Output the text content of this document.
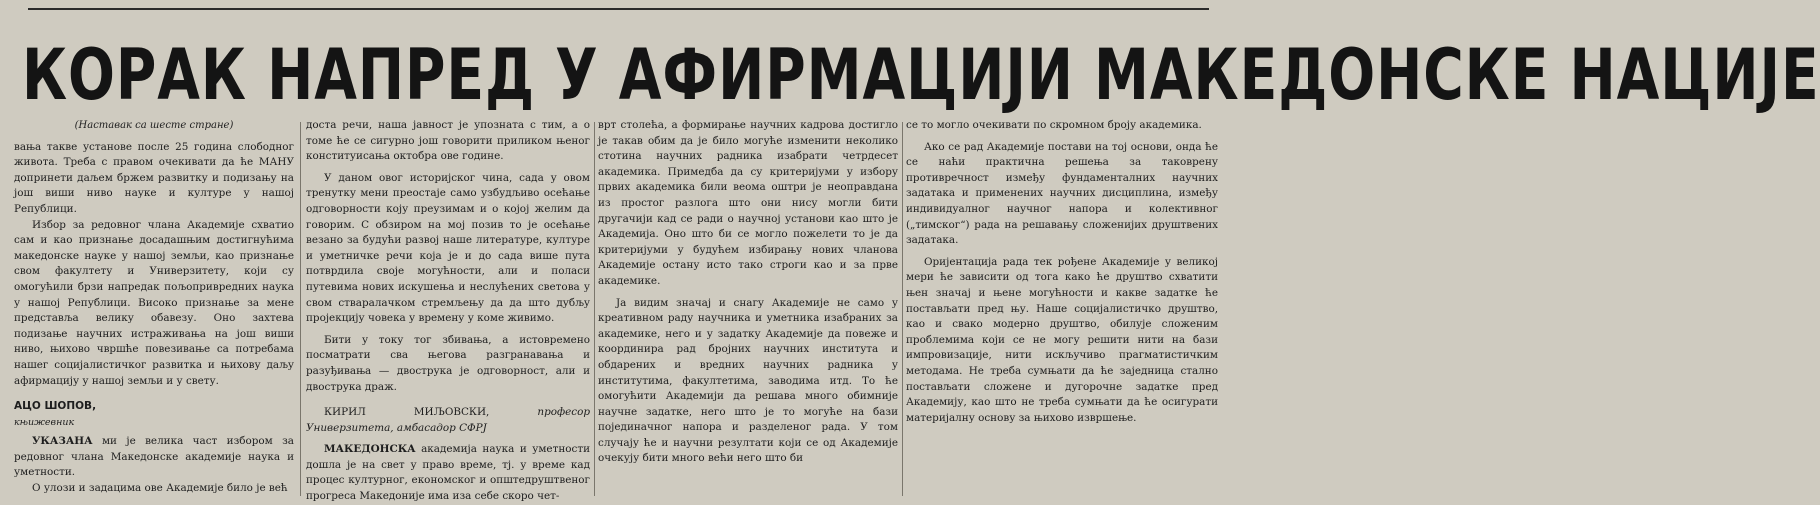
КОРАК НАПРЕД У АФИРМАЦИЈИ МАКЕДОНСКЕ НАЦИЈЕ
(Наставак са шесте стране)

вања такве установе после 25 година слободног живота. Треба с правом очекивати да ће МАНУ допринети даљем бржем развитку и подизању на још виши ниво науке и културе у нашој Републици.

Избор за редовног члана Академије схватио сам и као признање досадашњим достигнућима македонске науке у нашој земљи, као признање свом факултету и Универзитету, који су омогућили брзи напредак пољопривредних наука у нашој Републици. Високо признање за мене представља велику обавезу. Оно захтева подизање научних истраживања на још виши ниво, њихово чвршће повезивање са потребама нашег социјалистичког развитка и њихову даљу афирмацију у нашој земљи и у свету.

АЦО ШОПОВ,
књижевник

УКАЗАНА ми је велика част избором за редовног члана Македонске академије наука и уметности.

О улози и задацима ове Академије било је већ

доста речи, наша јавност је упозната с тим, а о томе ће се сигурно још говорити приликом њеног конституисања октобра ове године.

У даном овог историјског чина, сада у овом тренутку мени преостаје само узбудљиво осећање одговорности коју преузимам и о којој желим да говорим. С обзиром на мој позив то је осећање везано за будући развој наше литературе, културе и уметничке речи која је и до сада више пута потврдила своје могућности, али и поласи путевима нових искушења и неслућених светова у свом стваралачком стремљењу да да што дубљу пројекцију човека у времену у коме живимо.

Бити у току тог збивања, а истовремено посматрати сва његова разгранавања и разуђивања — двострука је одговорност, али и двострука драж.

КИРИЛ МИЉОВСКИ,	професор Универзитета, амбасадор СФРЈ

МАКЕДОНСКА академија наука и уметности дошла је на свет у право време, тј. у време кад процес културног, економског и општедруштвеног прогреса Македоније има иза себе скоро чет-

врт столећа, а формирање научних кадрова достигло је такав обим да је било могуће изменити неколико стотина научних радника изабрати четрдесет академика. Примедба да су критеријуми у избору првих академика били веома оштри је неоправдана из простог разлога што они нису могли бити другачији кад се ради о научној установи као што је Академија. Оно што би се могло пожелети то је да критеријуми у будућем избирању нових чланова Академије остану исто тако строги као и за прве академике.

Ја видим значај и снагу Академије не само у креативном раду научника и уметника изабраних за академике, него и у задатку Академије да повеже и координира рад бројних научних института и обдарених и вредних научних радника у институтима, факултетима, заводима итд. То ће омогућити Академији да решава много обимније научне задатке, него што је то могуће на бази појединачног напора и разделеног рада. У том случају ће и научни резултати који се од Академије очекују бити много већи него што би

се то могло очекивати по скромном броју академика.

Ако се рад Академије постави на тој основи, онда ће се наћи практична решења за таковрену противречност између фундаменталних научних задатака и применених научних дисциплина, између индивидуалног научног напора и колективног („тимског“) рада на решавању сложенијих друштвених задатака.

Оријентација рада тек рођене Академије у великој мери ће зависити од тога како ће друштво схватити њен значај и њене могућности и какве задатке ће постављати пред њу. Наше социјалистичко друштво, као и свако модерно друштво, обилује сложеним проблемима који се не могу решити нити на бази импровизације, нити искључиво прагматистичким методама. Не треба сумњати да ће заједница стално постављати сложене и дугорочне задатке пред Академију, као што не треба сумњати да ће осигурати материјалну основу за њихово извршење.
